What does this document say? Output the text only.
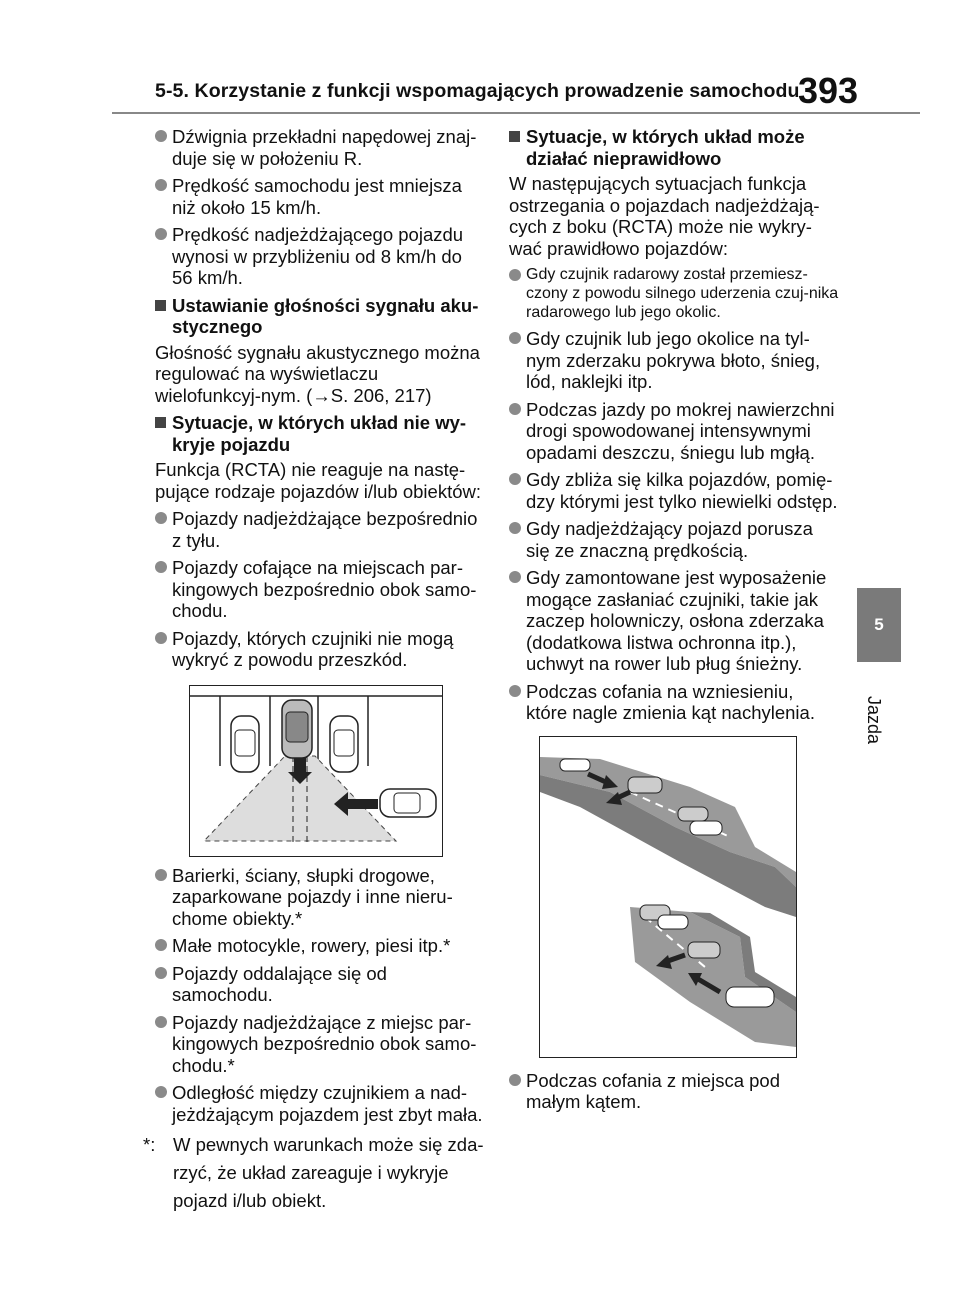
5-5. Korzystanie z funkcji wspomagających prowadzenie samochodu
393
5
Jazda
Dźwignia przekładni napędowej znaj-duje się w położeniu R.
Prędkość samochodu jest mniejsza niż około 15 km/h.
Prędkość nadjeżdżającego pojazdu wynosi w przybliżeniu od 8 km/h do 56 km/h.
Ustawianie głośności sygnału aku-stycznego
Głośność sygnału akustycznego można regulować na wyświetlaczu wielofunkcyj-nym. (→S. 206, 217)
Sytuacje, w których układ nie wy-kryje pojazdu
Funkcja (RCTA) nie reaguje na nastę-pujące rodzaje pojazdów i/lub obiektów:
Pojazdy nadjeżdżające bezpośrednio z tyłu.
Pojazdy cofające na miejscach par-kingowych bezpośrednio obok samo-chodu.
Pojazdy, których czujniki nie mogą wykryć z powodu przeszkód.
Barierki, ściany, słupki drogowe, zaparkowane pojazdy i inne nieru-chome obiekty.*
Małe motocykle, rowery, piesi itp.*
Pojazdy oddalające się od samochodu.
Pojazdy nadjeżdżające z miejsc par-kingowych bezpośrednio obok samo-chodu.*
Odległość między czujnikiem a nad-jeżdżającym pojazdem jest zbyt mała.
*: W pewnych warunkach może się zda-rzyć, że układ zareaguje i wykryje pojazd i/lub obiekt.
Sytuacje, w których układ może działać nieprawidłowo
W następujących sytuacjach funkcja ostrzegania o pojazdach nadjeżdżają-cych z boku (RCTA) może nie wykry-wać prawidłowo pojazdów:
Gdy czujnik radarowy został przemiesz-czony z powodu silnego uderzenia czuj-nika radarowego lub jego okolic.
Gdy czujnik lub jego okolice na tyl-nym zderzaku pokrywa błoto, śnieg, lód, naklejki itp.
Podczas jazdy po mokrej nawierzchni drogi spowodowanej intensywnymi opadami deszczu, śniegu lub mgłą.
Gdy zbliża się kilka pojazdów, pomię-dzy którymi jest tylko niewielki odstęp.
Gdy nadjeżdżający pojazd porusza się ze znaczną prędkością.
Gdy zamontowane jest wyposażenie mogące zasłaniać czujniki, takie jak zaczep holowniczy, osłona zderzaka (dodatkowa listwa ochronna itp.), uchwyt na rower lub pług śnieżny.
Podczas cofania na wzniesieniu, które nagle zmienia kąt nachylenia.
Podczas cofania z miejsca pod małym kątem.
